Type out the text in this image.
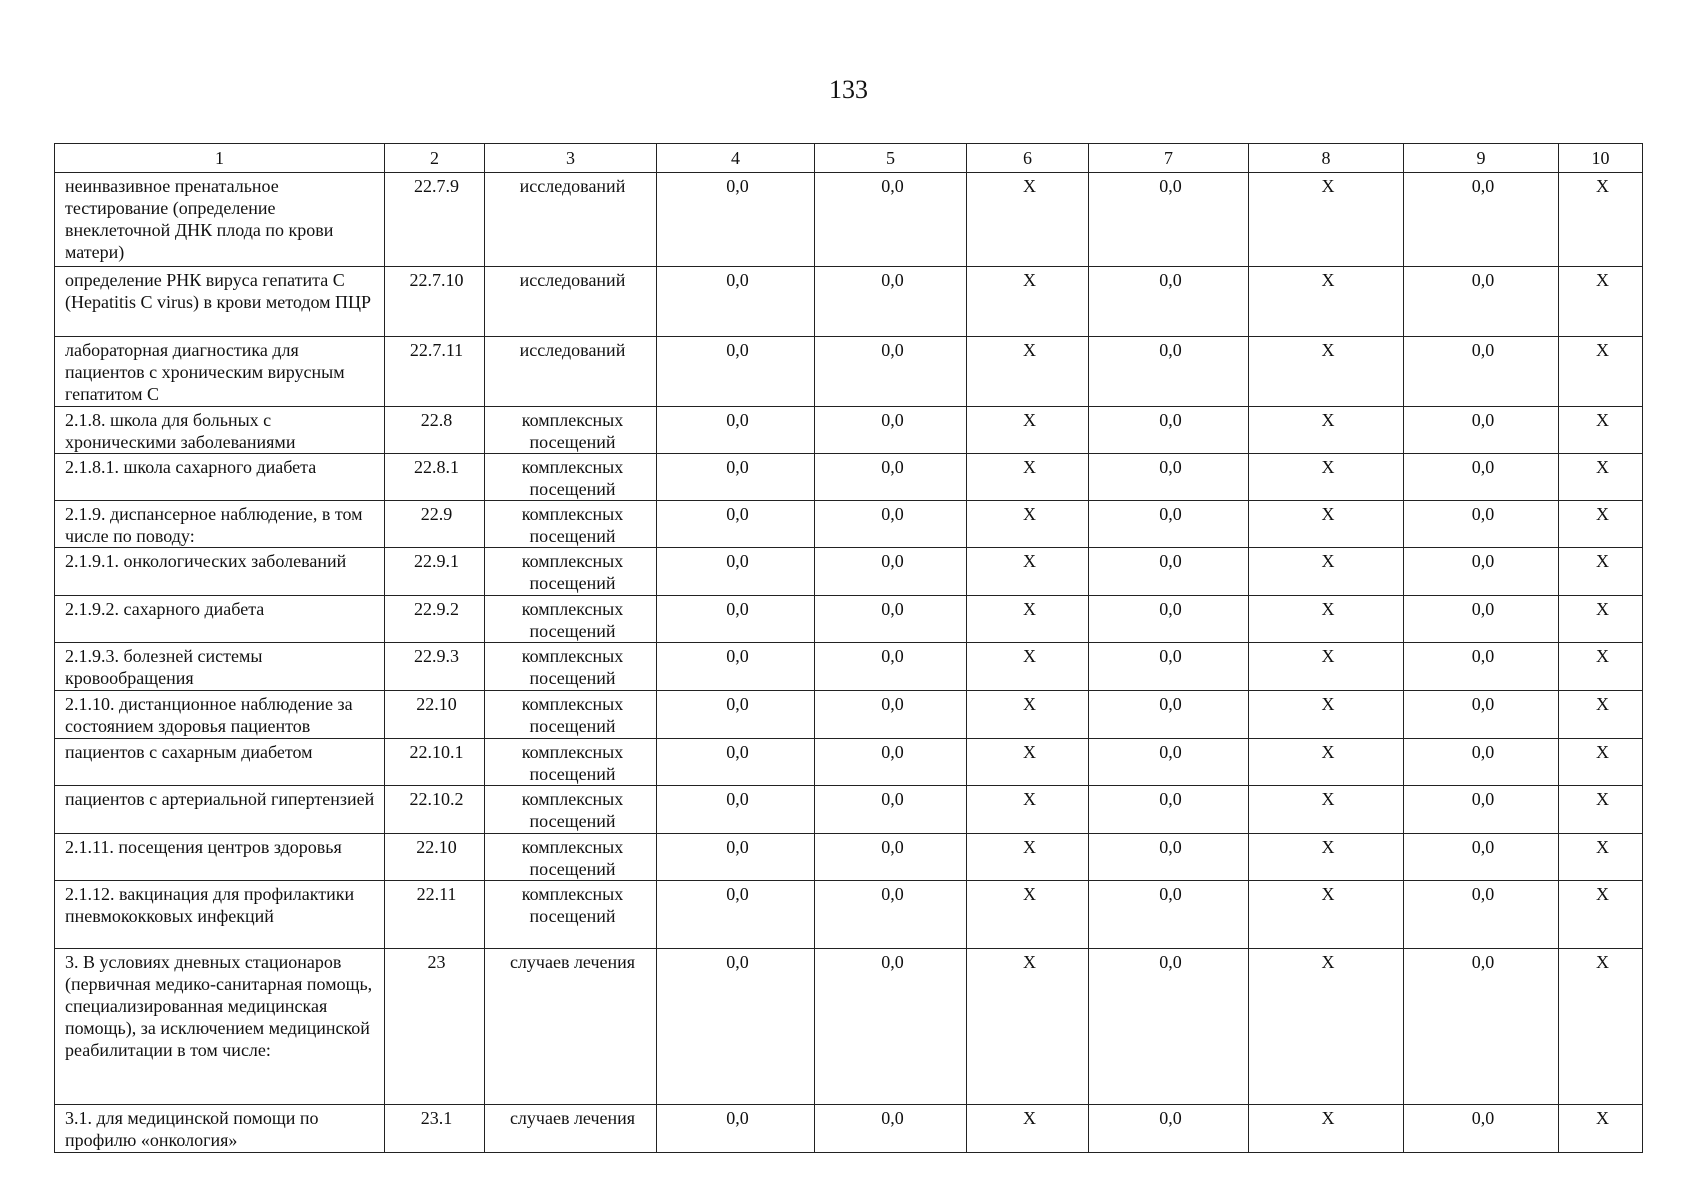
133
1	2	3	4	5	6	7	8	9	10
неинвазивное пренатальное тестирование (определение внеклеточной ДНК плода по крови матери)	22.7.9	исследований	0,0	0,0	X	0,0	X	0,0	X
определение РНК вируса гепатита С (Hepatitis C virus) в крови методом ПЦР	22.7.10	исследований	0,0	0,0	X	0,0	X	0,0	X
лабораторная диагностика для пациентов с хроническим вирусным гепатитом С	22.7.11	исследований	0,0	0,0	X	0,0	X	0,0	X
2.1.8. школа для больных с хроническими заболеваниями	22.8	комплексных посещений	0,0	0,0	X	0,0	X	0,0	X
2.1.8.1. школа сахарного диабета	22.8.1	комплексных посещений	0,0	0,0	X	0,0	X	0,0	X
2.1.9. диспансерное наблюдение, в том числе по поводу:	22.9	комплексных посещений	0,0	0,0	X	0,0	X	0,0	X
2.1.9.1. онкологических заболеваний	22.9.1	комплексных посещений	0,0	0,0	X	0,0	X	0,0	X
2.1.9.2. сахарного диабета	22.9.2	комплексных посещений	0,0	0,0	X	0,0	X	0,0	X
2.1.9.3. болезней системы кровообращения	22.9.3	комплексных посещений	0,0	0,0	X	0,0	X	0,0	X
2.1.10. дистанционное наблюдение за состоянием здоровья пациентов	22.10	комплексных посещений	0,0	0,0	X	0,0	X	0,0	X
пациентов с сахарным диабетом	22.10.1	комплексных посещений	0,0	0,0	X	0,0	X	0,0	X
пациентов с артериальной гипертензией	22.10.2	комплексных посещений	0,0	0,0	X	0,0	X	0,0	X
2.1.11. посещения центров здоровья	22.10	комплексных посещений	0,0	0,0	X	0,0	X	0,0	X
2.1.12. вакцинация для профилактики пневмококковых инфекций	22.11	комплексных посещений	0,0	0,0	X	0,0	X	0,0	X
3. В условиях дневных стационаров (первичная медико-санитарная помощь, специализированная медицинская помощь), за исключением медицинской реабилитации в том числе:	23	случаев лечения	0,0	0,0	X	0,0	X	0,0	X
3.1. для медицинской помощи по профилю «онкология»	23.1	случаев лечения	0,0	0,0	X	0,0	X	0,0	X
